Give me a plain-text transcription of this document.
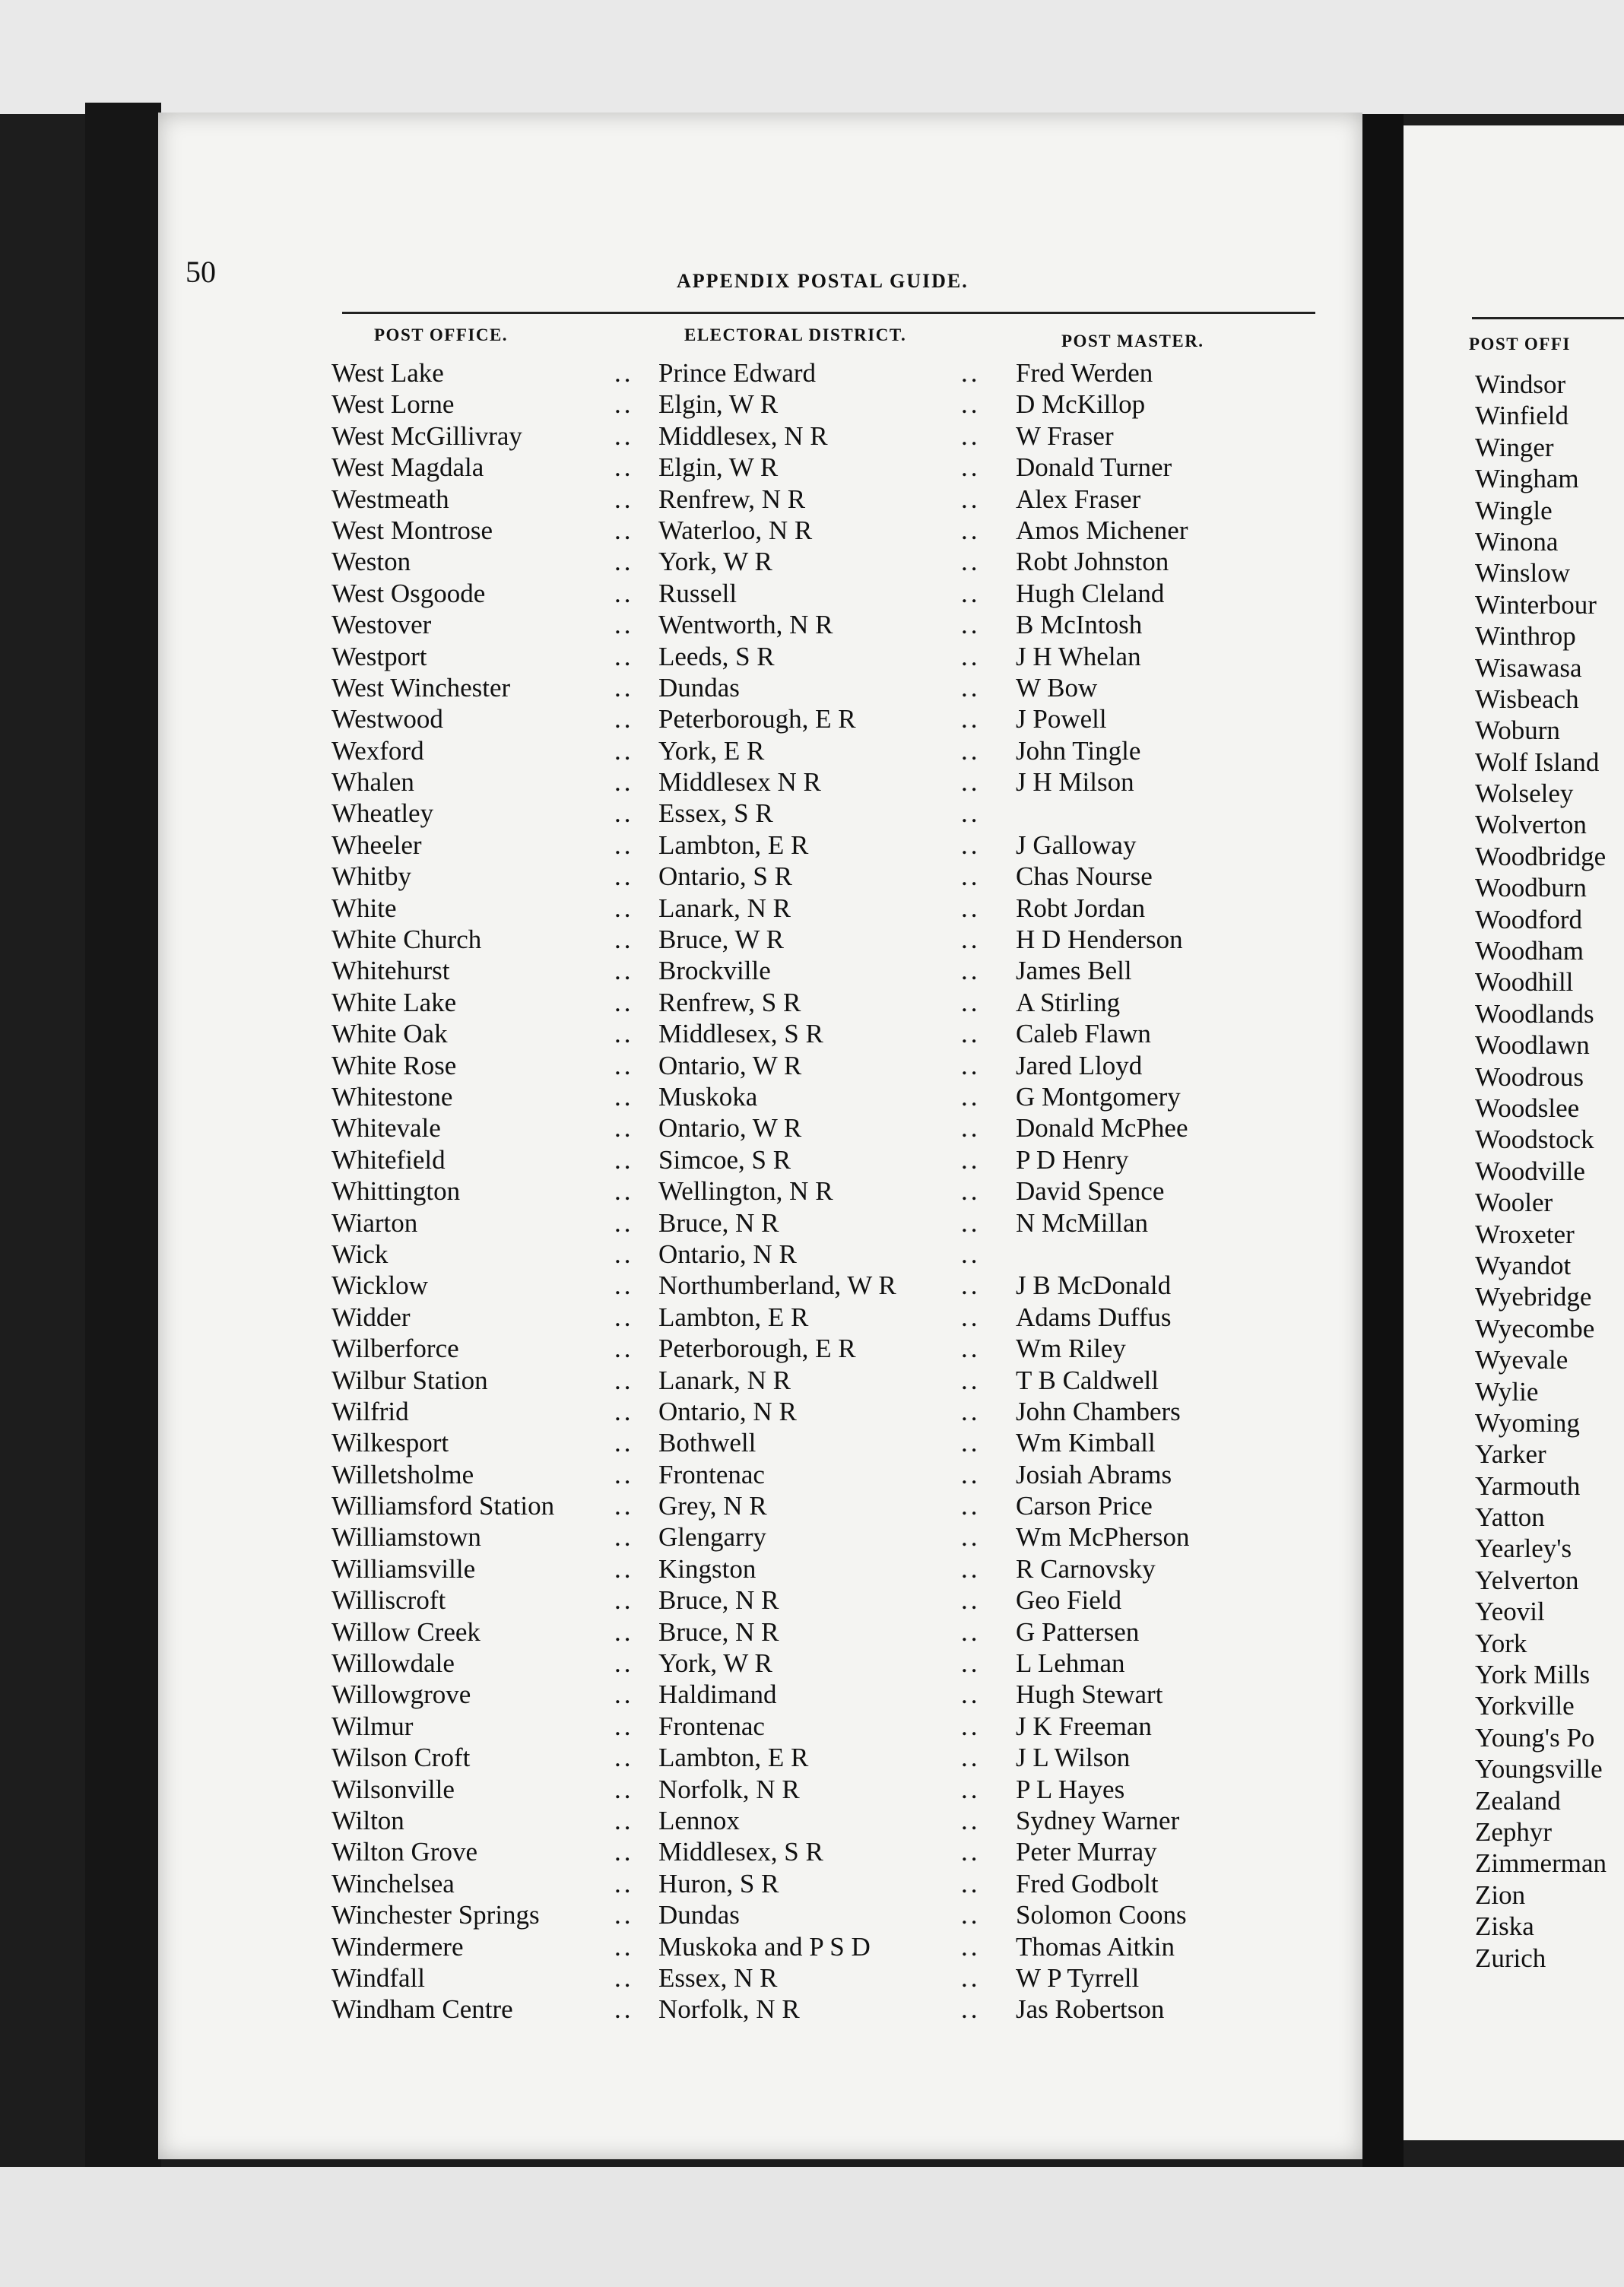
POST OFFI
Windsor
Winfield
Winger
Wingham
Wingle
Winona
Winslow
Winterbour
Winthrop
Wisawasa
Wisbeach
Woburn
Wolf Island
Wolseley
Wolverton
Woodbridge
Woodburn
Woodford
Woodham
Woodhill
Woodlands
Woodlawn
Woodrous
Woodslee
Woodstock
Woodville
Wooler
Wroxeter
Wyandot
Wyebridge
Wyecombe
Wyevale
Wylie
Wyoming
Yarker
Yarmouth
Yatton
Yearley's
Yelverton
Yeovil
York
York Mills
Yorkville
Young's Po
Youngsville
Zealand
Zephyr
Zimmerman
Zion
Ziska
Zurich
50	APPENDIX POSTAL GUIDE.
POST OFFICE.	ELECTORAL DISTRICT.	POST MASTER.
West Lake	.. Prince Edward	.. Fred Werden
West Lorne	.. Elgin, W R	.. D McKillop
West McGillivray	.. Middlesex, N R	.. W Fraser
West Magdala	.. Elgin, W R	.. Donald Turner
Westmeath	.. Renfrew, N R	.. Alex Fraser
West Montrose	.. Waterloo, N R	.. Amos Michener
Weston	.. York, W R	.. Robt Johnston
West Osgoode	.. Russell	.. Hugh Cleland
Westover	.. Wentworth, N R	.. B McIntosh
Westport	.. Leeds, S R	.. J H Whelan
West Winchester	.. Dundas	.. W Bow
Westwood	.. Peterborough, E R	.. J Powell
Wexford	.. York, E R	.. John Tingle
Whalen	.. Middlesex N R	.. J H Milson
Wheatley	.. Essex, S R	..
Wheeler	.. Lambton, E R	.. J Galloway
Whitby	.. Ontario, S R	.. Chas Nourse
White	.. Lanark, N R	.. Robt Jordan
White Church	.. Bruce, W R	.. H D Henderson
Whitehurst	.. Brockville	.. James Bell
White Lake	.. Renfrew, S R	.. A Stirling
White Oak	.. Middlesex, S R	.. Caleb Flawn
White Rose	.. Ontario, W R	.. Jared Lloyd
Whitestone	.. Muskoka	.. G Montgomery
Whitevale	.. Ontario, W R	.. Donald McPhee
Whitefield	.. Simcoe, S R	.. P D Henry
Whittington	.. Wellington, N R	.. David Spence
Wiarton	.. Bruce, N R	.. N McMillan
Wick	.. Ontario, N R	..
Wicklow	.. Northumberland, W R .. J B McDonald
Widder	.. Lambton, E R	.. Adams Duffus
Wilberforce	.. Peterborough, E R	.. Wm Riley
Wilbur Station	.. Lanark, N R	.. T B Caldwell
Wilfrid	.. Ontario, N R	.. John Chambers
Wilkesport	.. Bothwell	.. Wm Kimball
Willetsholme	.. Frontenac	.. Josiah Abrams
Williamsford Station .. Grey, N R	.. Carson Price
Williamstown	.. Glengarry	.. Wm McPherson
Williamsville	.. Kingston	.. R Carnovsky
Williscroft	.. Bruce, N R	.. Geo Field
Willow Creek	.. Bruce, N R	.. G Pattersen
Willowdale	.. York, W R	.. L Lehman
Willowgrove	.. Haldimand	.. Hugh Stewart
Wilmur	.. Frontenac	.. J K Freeman
Wilson Croft	.. Lambton, E R	.. J L Wilson
Wilsonville	.. Norfolk, N R	.. P L Hayes
Wilton	.. Lennox	.. Sydney Warner
Wilton Grove	.. Middlesex, S R	.. Peter Murray
Winchelsea	.. Huron, S R	.. Fred Godbolt
Winchester Springs	.. Dundas	.. Solomon Coons
Windermere	.. Muskoka and P S D	.. Thomas Aitkin
Windfall	.. Essex, N R	.. W P Tyrrell
Windham Centre	.. Norfolk, N R	.. Jas Robertson
